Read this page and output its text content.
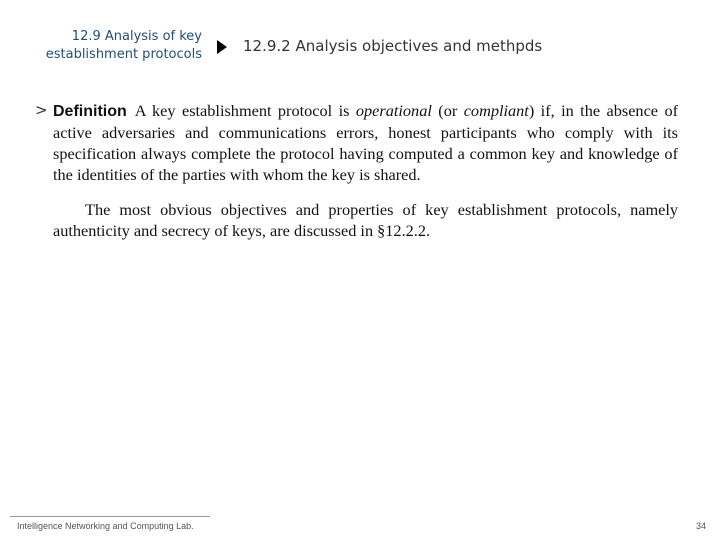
12.9 Analysis of key
establishment protocols	12.9.2 Analysis objectives and methpds
> Definition A key establishment protocol is operational (or compliant) if, in the absence of active adversaries and communications errors, honest participants who comply with its specification always complete the protocol having computed a common key and knowledge of the identities of the parties with whom the key is shared.

The most obvious objectives and properties of key establishment protocols, namely authenticity and secrecy of keys, are discussed in §12.2.2.

Intelligence Networking and Computing Lab.	34
